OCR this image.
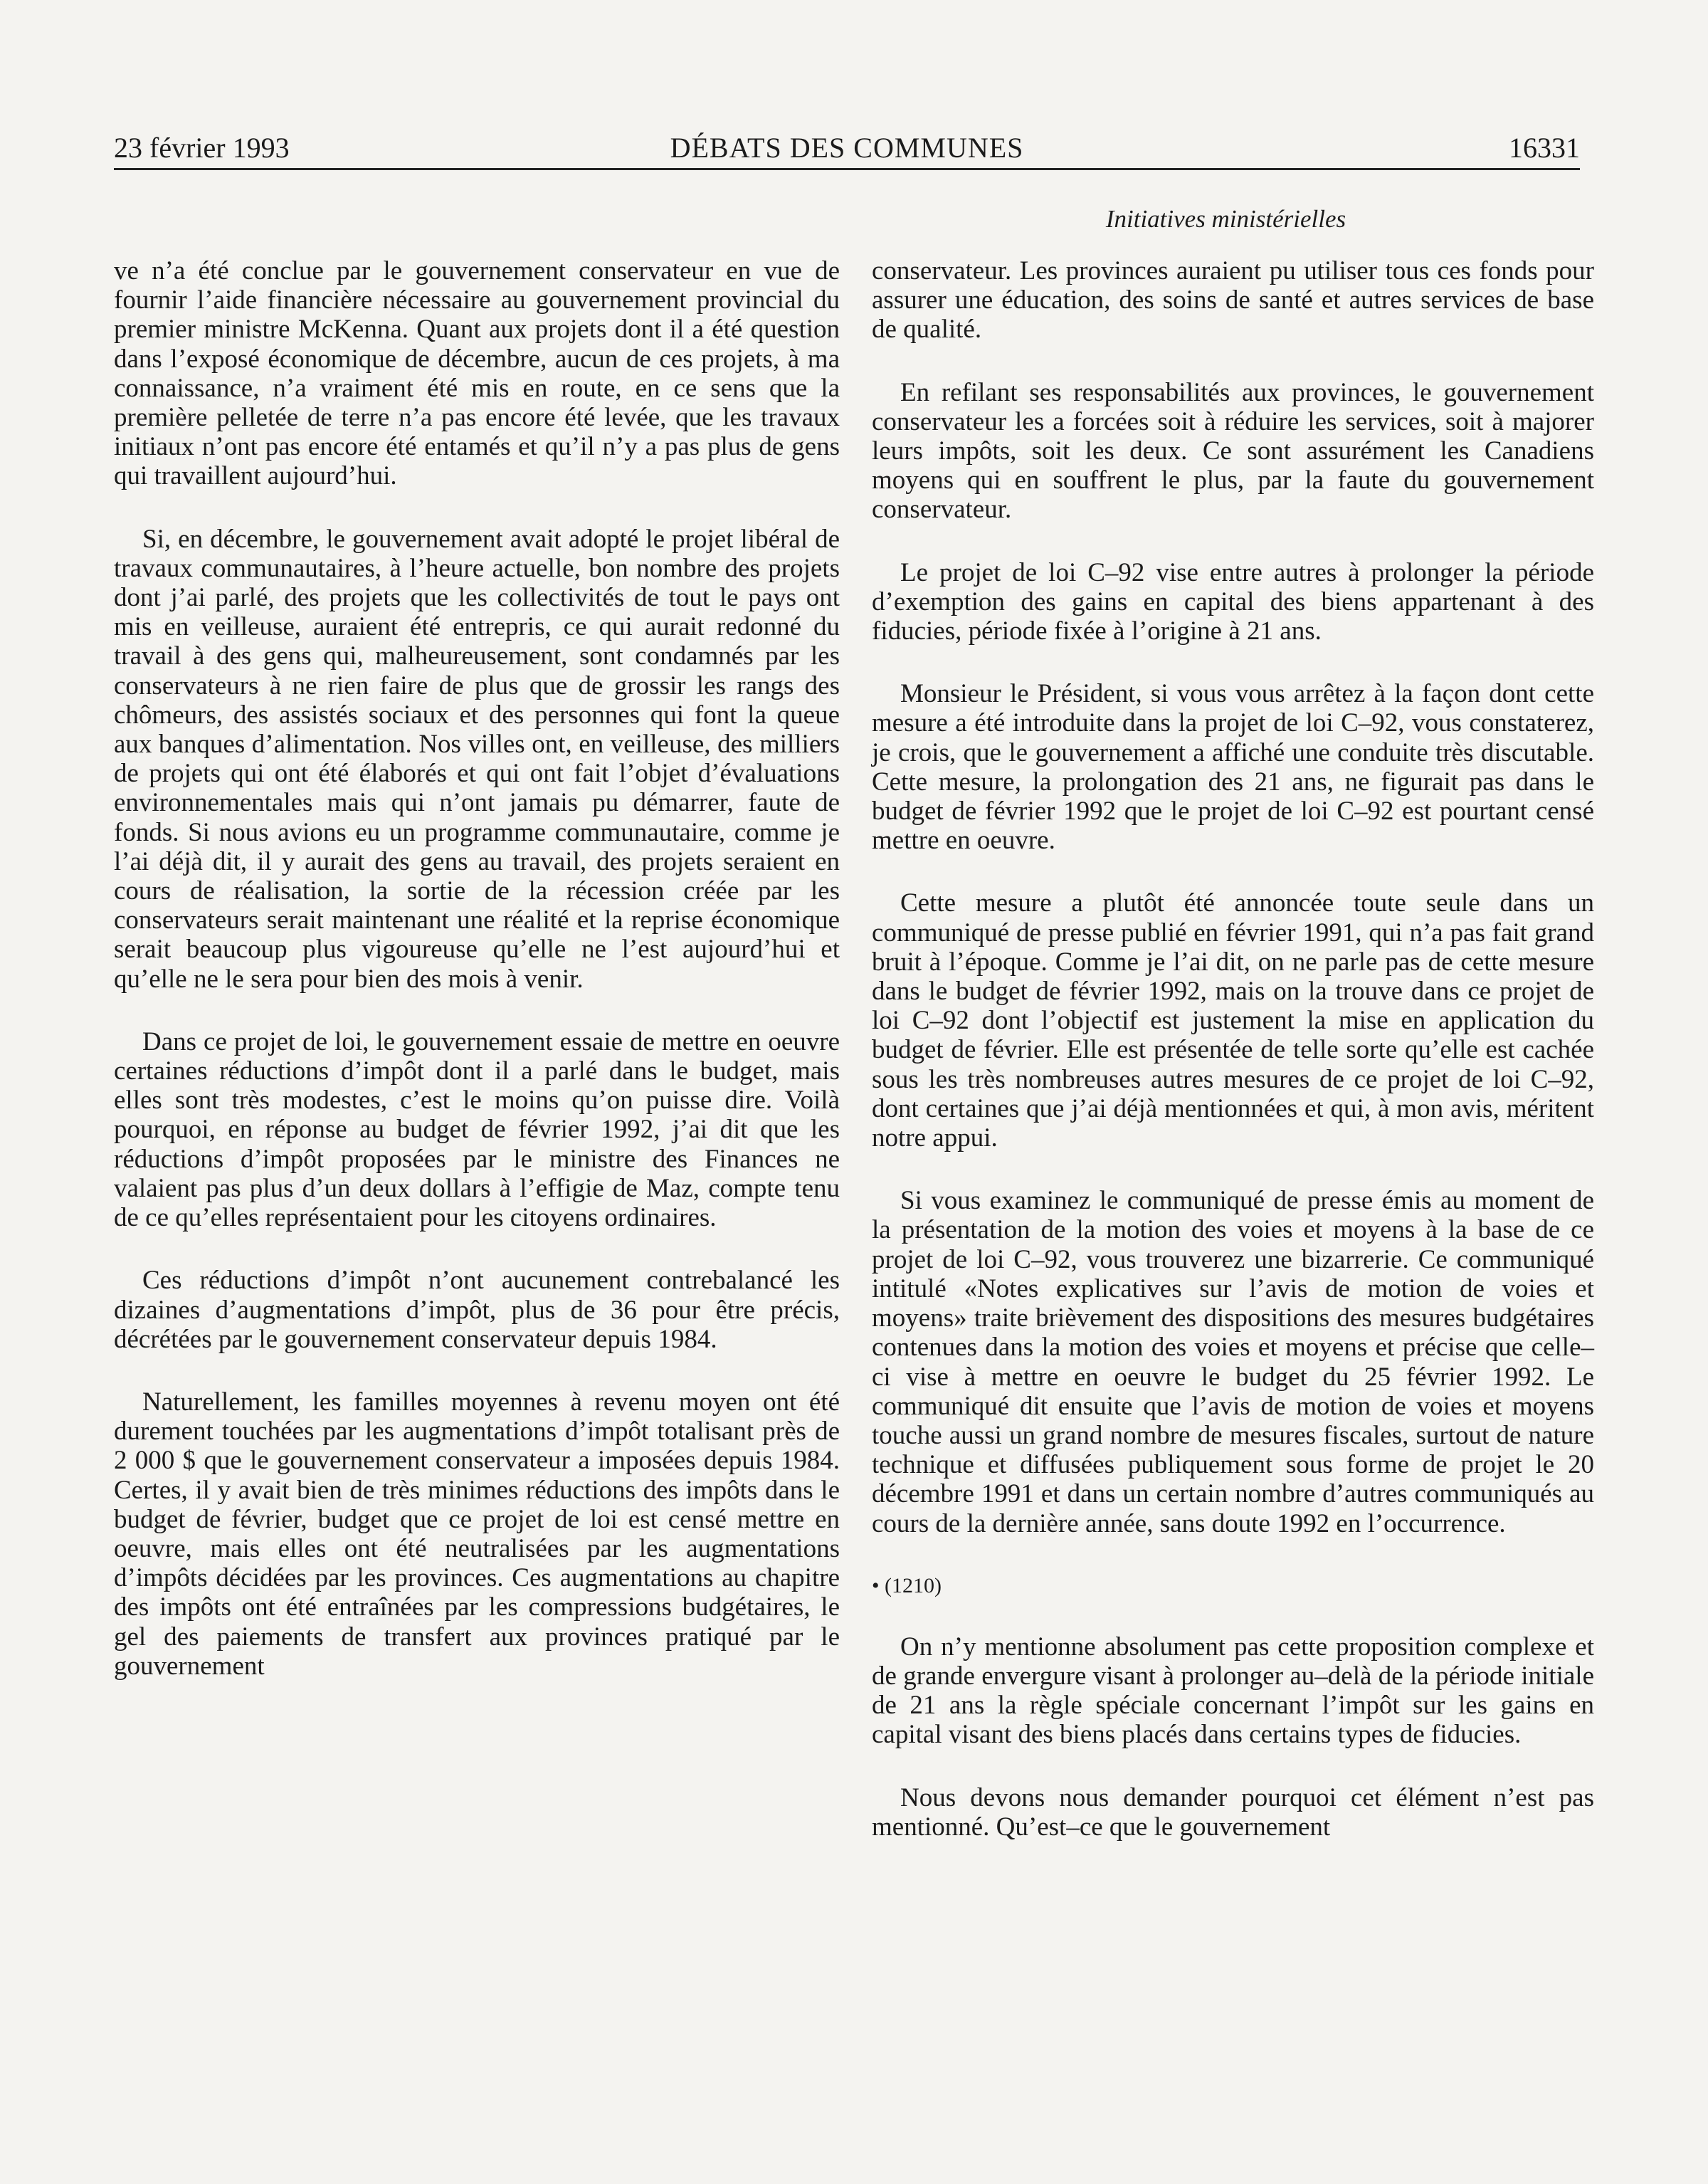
23 février 1993	DÉBATS DES COMMUNES	16331
Initiatives ministérielles

ve n’a été conclue par le gouvernement conservateur en vue de fournir l’aide financière nécessaire au gouvernement provincial du premier ministre McKenna. Quant aux projets dont il a été question dans l’exposé économique de décembre, aucun de ces projets, à ma connaissance, n’a vraiment été mis en route, en ce sens que la première pelletée de terre n’a pas encore été levée, que les travaux initiaux n’ont pas encore été entamés et qu’il n’y a pas plus de gens qui travaillent aujourd’hui.

Si, en décembre, le gouvernement avait adopté le projet libéral de travaux communautaires, à l’heure actuelle, bon nombre des projets dont j’ai parlé, des projets que les collectivités de tout le pays ont mis en veilleuse, auraient été entrepris, ce qui aurait redonné du travail à des gens qui, malheureusement, sont condamnés par les conservateurs à ne rien faire de plus que de grossir les rangs des chômeurs, des assistés sociaux et des personnes qui font la queue aux banques d’alimentation. Nos villes ont, en veilleuse, des milliers de projets qui ont été élaborés et qui ont fait l’objet d’évaluations environnementales mais qui n’ont jamais pu démarrer, faute de fonds. Si nous avions eu un programme communautaire, comme je l’ai déjà dit, il y aurait des gens au travail, des projets seraient en cours de réalisation, la sortie de la récession créée par les conservateurs serait maintenant une réalité et la reprise économique serait beaucoup plus vigoureuse qu’elle ne l’est aujourd’hui et qu’elle ne le sera pour bien des mois à venir.

Dans ce projet de loi, le gouvernement essaie de mettre en oeuvre certaines réductions d’impôt dont il a parlé dans le budget, mais elles sont très modestes, c’est le moins qu’on puisse dire. Voilà pourquoi, en réponse au budget de février 1992, j’ai dit que les réductions d’impôt proposées par le ministre des Finances ne valaient pas plus d’un deux dollars à l’effigie de Maz, compte tenu de ce qu’elles représentaient pour les citoyens ordinaires.

Ces réductions d’impôt n’ont aucunement contrebalancé les dizaines d’augmentations d’impôt, plus de 36 pour être précis, décrétées par le gouvernement conservateur depuis 1984.

Naturellement, les familles moyennes à revenu moyen ont été durement touchées par les augmentations d’impôt totalisant près de 2 000 $ que le gouvernement conservateur a imposées depuis 1984. Certes, il y avait bien de très minimes réductions des impôts dans le budget de février, budget que ce projet de loi est censé mettre en oeuvre, mais elles ont été neutralisées par les augmentations d’impôts décidées par les provinces. Ces augmentations au chapitre des impôts ont été entraînées par les compressions budgétaires, le gel des paiements de transfert aux provinces pratiqué par le gouvernement

conservateur. Les provinces auraient pu utiliser tous ces fonds pour assurer une éducation, des soins de santé et autres services de base de qualité.

En refilant ses responsabilités aux provinces, le gouvernement conservateur les a forcées soit à réduire les services, soit à majorer leurs impôts, soit les deux. Ce sont assurément les Canadiens moyens qui en souffrent le plus, par la faute du gouvernement conservateur.

Le projet de loi C–92 vise entre autres à prolonger la période d’exemption des gains en capital des biens appartenant à des fiducies, période fixée à l’origine à 21 ans.

Monsieur le Président, si vous vous arrêtez à la façon dont cette mesure a été introduite dans la projet de loi C–92, vous constaterez, je crois, que le gouvernement a affiché une conduite très discutable. Cette mesure, la prolongation des 21 ans, ne figurait pas dans le budget de février 1992 que le projet de loi C–92 est pourtant censé mettre en oeuvre.

Cette mesure a plutôt été annoncée toute seule dans un communiqué de presse publié en février 1991, qui n’a pas fait grand bruit à l’époque. Comme je l’ai dit, on ne parle pas de cette mesure dans le budget de février 1992, mais on la trouve dans ce projet de loi C–92 dont l’objectif est justement la mise en application du budget de février. Elle est présentée de telle sorte qu’elle est cachée sous les très nombreuses autres mesures de ce projet de loi C–92, dont certaines que j’ai déjà mentionnées et qui, à mon avis, méritent notre appui.

Si vous examinez le communiqué de presse émis au moment de la présentation de la motion des voies et moyens à la base de ce projet de loi C–92, vous trouverez une bizarrerie. Ce communiqué intitulé «Notes explicatives sur l’avis de motion de voies et moyens» traite brièvement des dispositions des mesures budgétaires contenues dans la motion des voies et moyens et précise que celle–ci vise à mettre en oeuvre le budget du 25 février 1992. Le communiqué dit ensuite que l’avis de motion de voies et moyens touche aussi un grand nombre de mesures fiscales, surtout de nature technique et diffusées publiquement sous forme de projet le 20 décembre 1991 et dans un certain nombre d’autres communiqués au cours de la dernière année, sans doute 1992 en l’occurrence.

• (1210)

On n’y mentionne absolument pas cette proposition complexe et de grande envergure visant à prolonger au–delà de la période initiale de 21 ans la règle spéciale concernant l’impôt sur les gains en capital visant des biens placés dans certains types de fiducies.

Nous devons nous demander pourquoi cet élément n’est pas mentionné. Qu’est–ce que le gouvernement
